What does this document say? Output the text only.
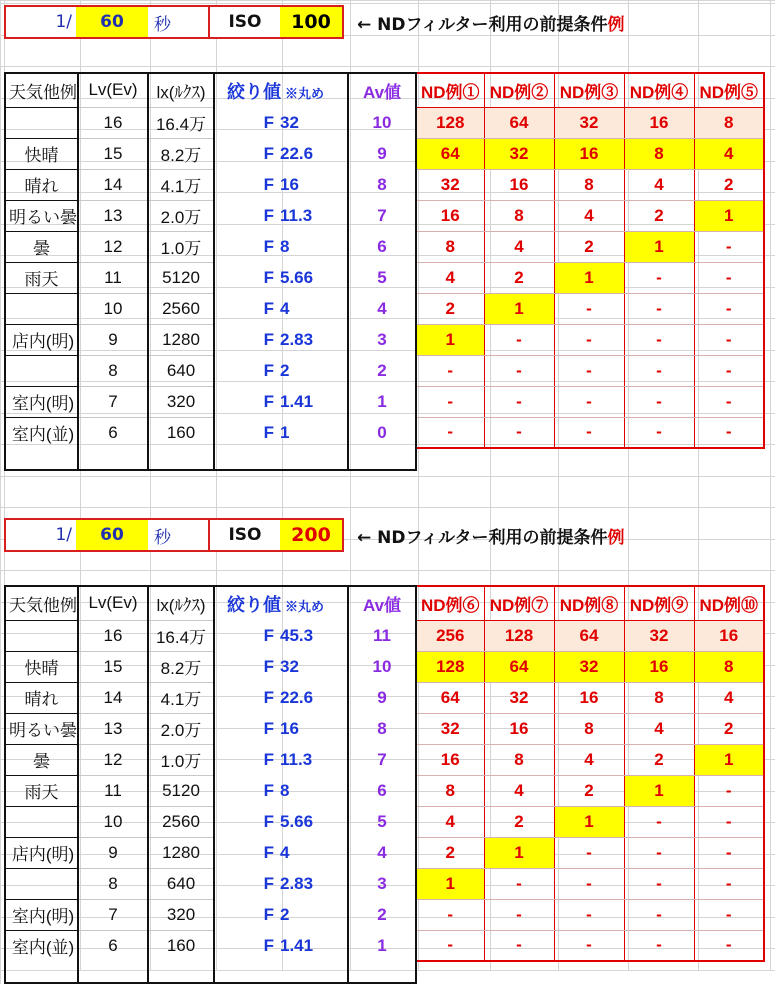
1/	60	秒	ISO	100	← NDフィルター利用の前提条件 例
天気他例	Lv(Ev)	lx(ﾙｸｽ)	絞り値 ※丸め		Av値	ND例①	ND例②	ND例③	ND例④	ND例⑤
	16	16.4万	F	32	10	128	64	32	16	8
快晴	15	8.2万	F	22.6	9	64	32	16	8	4
晴れ	14	4.1万	F	16	8	32	16	8	4	2
明るい曇	13	2.0万	F	11.3	7	16	8	4	2	1
曇	12	1.0万	F	8	6	8	4	2	1	-
雨天	11	5120	F	5.66	5	4	2	1	-	-
	10	2560	F	4	4	2	1	-	-	-
店内(明)	9	1280	F	2.83	3	1	-	-	-	-
	8	640	F	2	2	-	-	-	-	-
室内(明)	7	320	F	1.41	1	-	-	-	-	-
室内(並)	6	160	F	1	0	-	-	-	-	-

1/	60	秒	ISO	200	← NDフィルター利用の前提条件 例
天気他例	Lv(Ev)	lx(ﾙｸｽ)	絞り値 ※丸め		Av値	ND例⑥	ND例⑦	ND例⑧	ND例⑨	ND例⑩
	16	16.4万	F	45.3	11	256	128	64	32	16
快晴	15	8.2万	F	32	10	128	64	32	16	8
晴れ	14	4.1万	F	22.6	9	64	32	16	8	4
明るい曇	13	2.0万	F	16	8	32	16	8	4	2
曇	12	1.0万	F	11.3	7	16	8	4	2	1
雨天	11	5120	F	8	6	8	4	2	1	-
	10	2560	F	5.66	5	4	2	1	-	-
店内(明)	9	1280	F	4	4	2	1	-	-	-
	8	640	F	2.83	3	1	-	-	-	-
室内(明)	7	320	F	2	2	-	-	-	-	-
室内(並)	6	160	F	1.41	1	-	-	-	-	-
